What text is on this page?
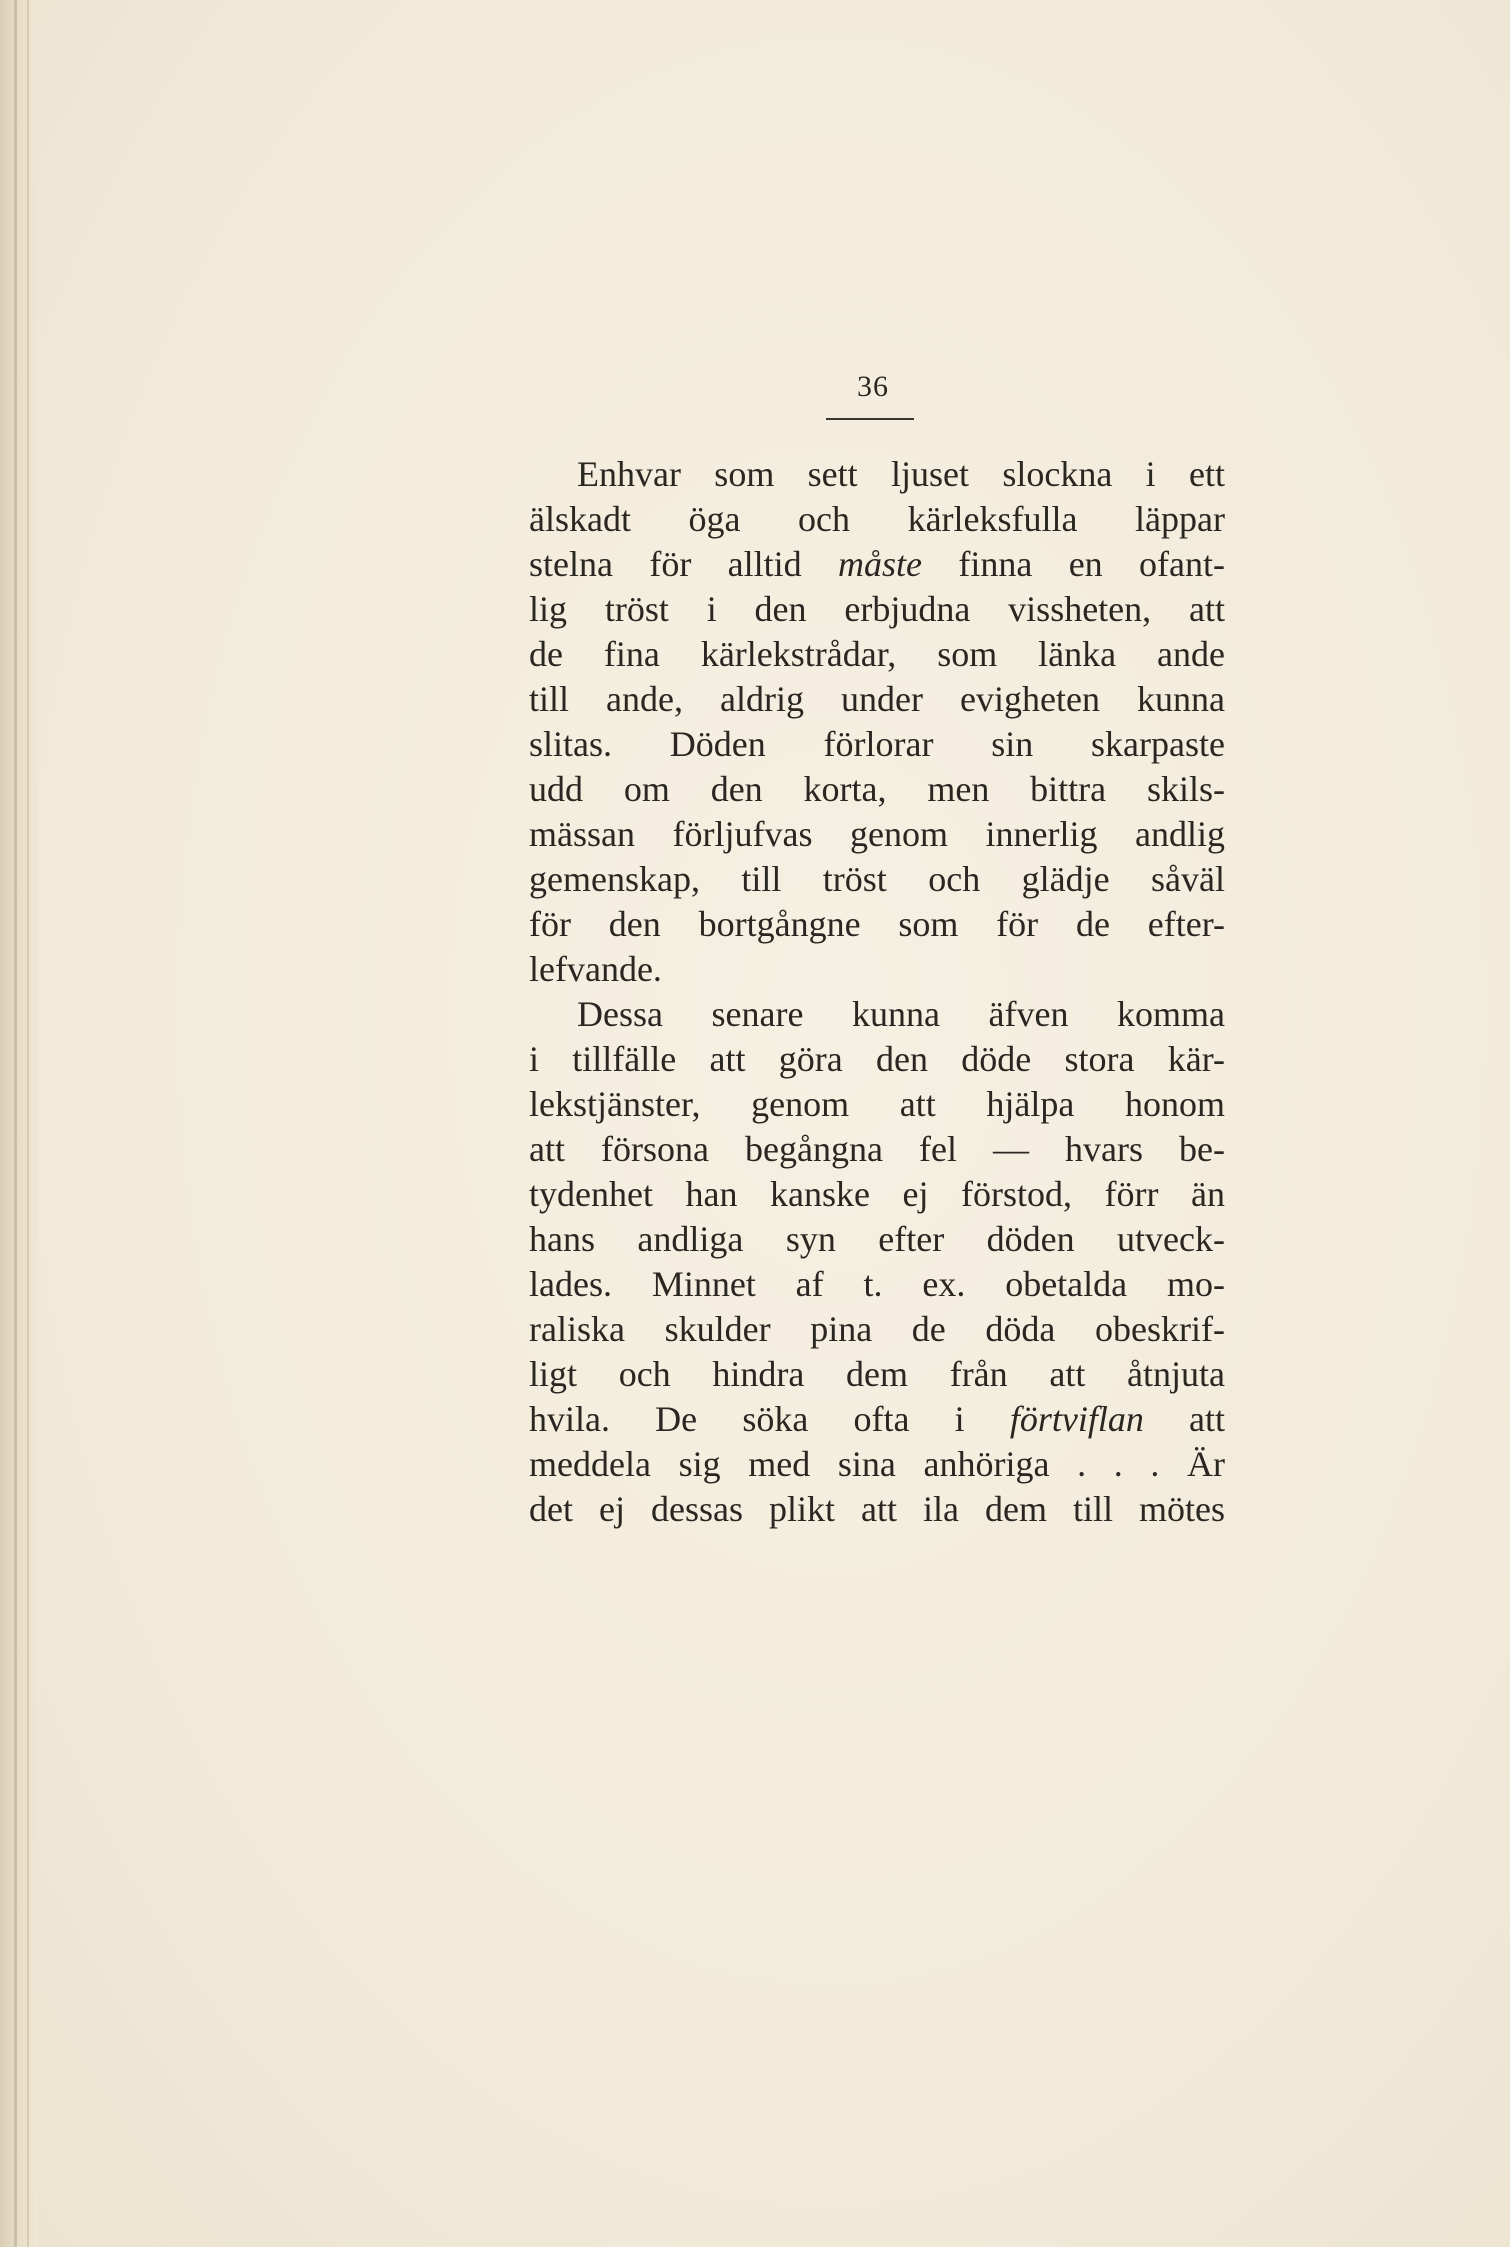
36
Enhvar som sett ljuset slockna i ett
älskadt öga och kärleksfulla läppar
stelna för alltid måste finna en ofant-
lig tröst i den erbjudna vissheten, att
de fina kärlekstrådar, som länka ande
till ande, aldrig under evigheten kunna
slitas. Döden förlorar sin skarpaste
udd om den korta, men bittra skils-
mässan förljufvas genom innerlig andlig
gemenskap, till tröst och glädje såväl
för den bortgångne som för de efter-
lefvande.
Dessa senare kunna äfven komma
i tillfälle att göra den döde stora kär-
lekstjänster, genom att hjälpa honom
att försona begångna fel — hvars be-
tydenhet han kanske ej förstod, förr än
hans andliga syn efter döden utveck-
lades. Minnet af t. ex. obetalda mo-
raliska skulder pina de döda obeskrif-
ligt och hindra dem från att åtnjuta
hvila. De söka ofta i förtviflan att
meddela sig med sina anhöriga . . . Är
det ej dessas plikt att ila dem till mötes
